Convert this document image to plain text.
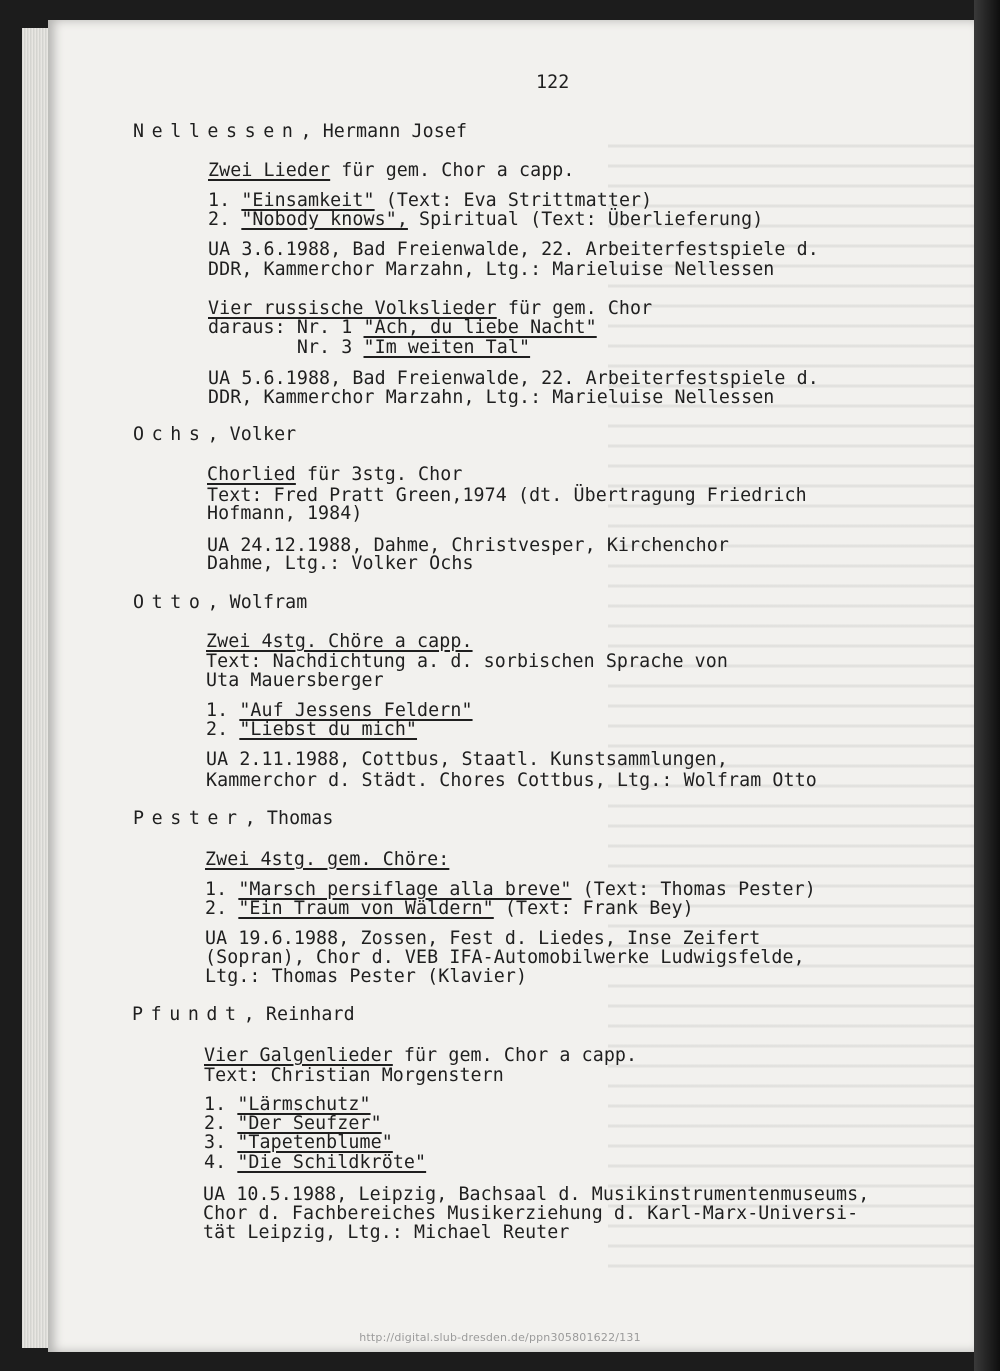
122
Nellessen, Hermann Josef
Zwei Lieder für gem. Chor a capp.
1. "Einsamkeit" (Text: Eva Strittmatter)
2. "Nobody knows", Spiritual (Text: Überlieferung)
UA 3.6.1988, Bad Freienwalde, 22. Arbeiterfestspiele d.
DDR, Kammerchor Marzahn, Ltg.: Marieluise Nellessen
Vier russische Volkslieder für gem. Chor
daraus: Nr. 1 "Ach, du liebe Nacht"
Nr. 3 "Im weiten Tal"
UA 5.6.1988, Bad Freienwalde, 22. Arbeiterfestspiele d.
DDR, Kammerchor Marzahn, Ltg.: Marieluise Nellessen
Ochs, Volker
Chorlied für 3stg. Chor
Text: Fred Pratt Green,1974 (dt. Übertragung Friedrich
Hofmann, 1984)
UA 24.12.1988, Dahme, Christvesper, Kirchenchor
Dahme, Ltg.: Volker Ochs
Otto, Wolfram
Zwei 4stg. Chöre a capp.
Text: Nachdichtung a. d. sorbischen Sprache von
Uta Mauersberger
1. "Auf Jessens Feldern"
2. "Liebst du mich"
UA 2.11.1988, Cottbus, Staatl. Kunstsammlungen,
Kammerchor d. Städt. Chores Cottbus, Ltg.: Wolfram Otto
Pester, Thomas
Zwei 4stg. gem. Chöre:
1. "Marsch persiflage alla breve" (Text: Thomas Pester)
2. "Ein Traum von Wäldern" (Text: Frank Bey)
UA 19.6.1988, Zossen, Fest d. Liedes, Inse Zeifert
(Sopran), Chor d. VEB IFA-Automobilwerke Ludwigsfelde,
Ltg.: Thomas Pester (Klavier)
Pfundt, Reinhard
Vier Galgenlieder für gem. Chor a capp.
Text: Christian Morgenstern
1. "Lärmschutz"
2. "Der Seufzer"
3. "Tapetenblume"
4. "Die Schildkröte"
UA 10.5.1988, Leipzig, Bachsaal d. Musikinstrumentenmuseums,
Chor d. Fachbereiches Musikerziehung d. Karl-Marx-Universi-
tät Leipzig, Ltg.: Michael Reuter
http://digital.slub-dresden.de/ppn305801622/131
